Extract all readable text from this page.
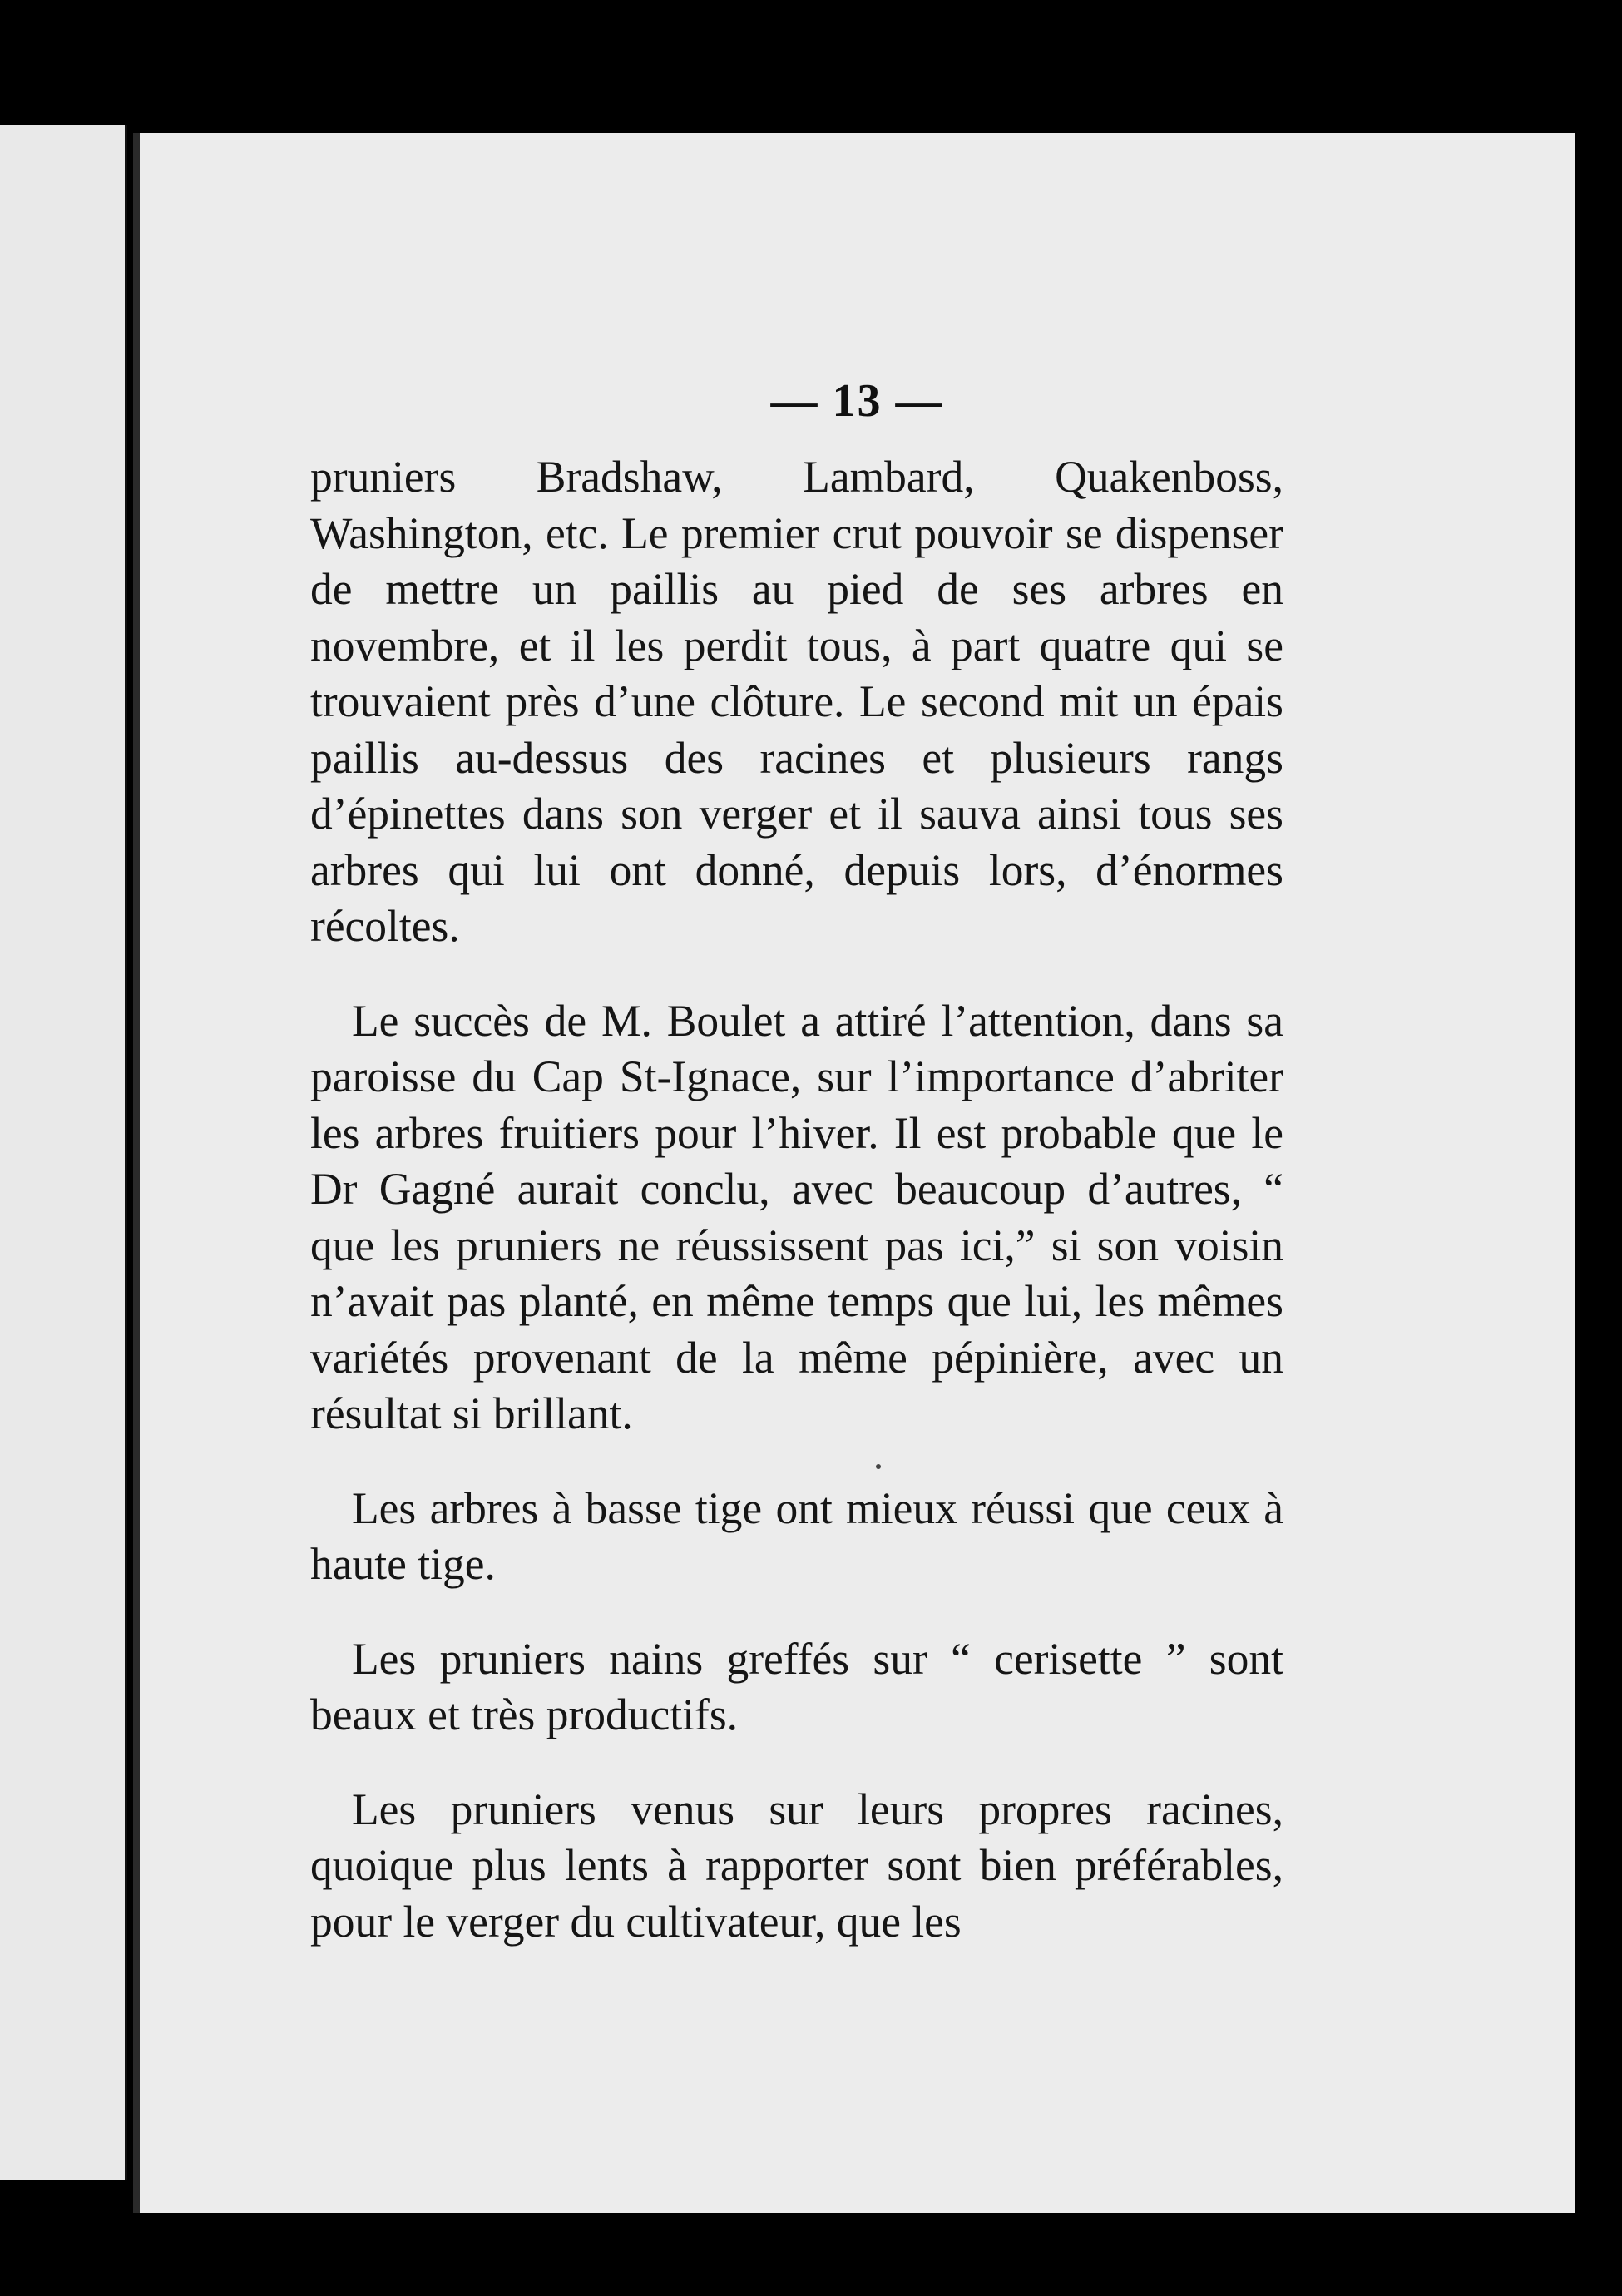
— 13 —

pruniers Bradshaw, Lambard, Quakenboss, Washington, etc. Le premier crut pouvoir se dispenser de mettre un paillis au pied de ses arbres en novembre, et il les perdit tous, à part quatre qui se trouvaient près d’une clôture. Le second mit un épais paillis au-dessus des racines et plusieurs rangs d’épinettes dans son verger et il sauva ainsi tous ses arbres qui lui ont donné, depuis lors, d’énormes récoltes.

Le succès de M. Boulet a attiré l’attention, dans sa paroisse du Cap St-Ignace, sur l’importance d’abriter les arbres fruitiers pour l’hiver. Il est probable que le Dr Gagné aurait conclu, avec beaucoup d’autres, “ que les pruniers ne réussissent pas ici,” si son voisin n’avait pas planté, en même temps que lui, les mêmes variétés provenant de la même pépinière, avec un résultat si brillant.

Les arbres à basse tige ont mieux réussi que ceux à haute tige.

Les pruniers nains greffés sur “ cerisette ” sont beaux et très productifs.

Les pruniers venus sur leurs propres racines, quoique plus lents à rapporter sont bien préférables, pour le verger du cultivateur, que les
